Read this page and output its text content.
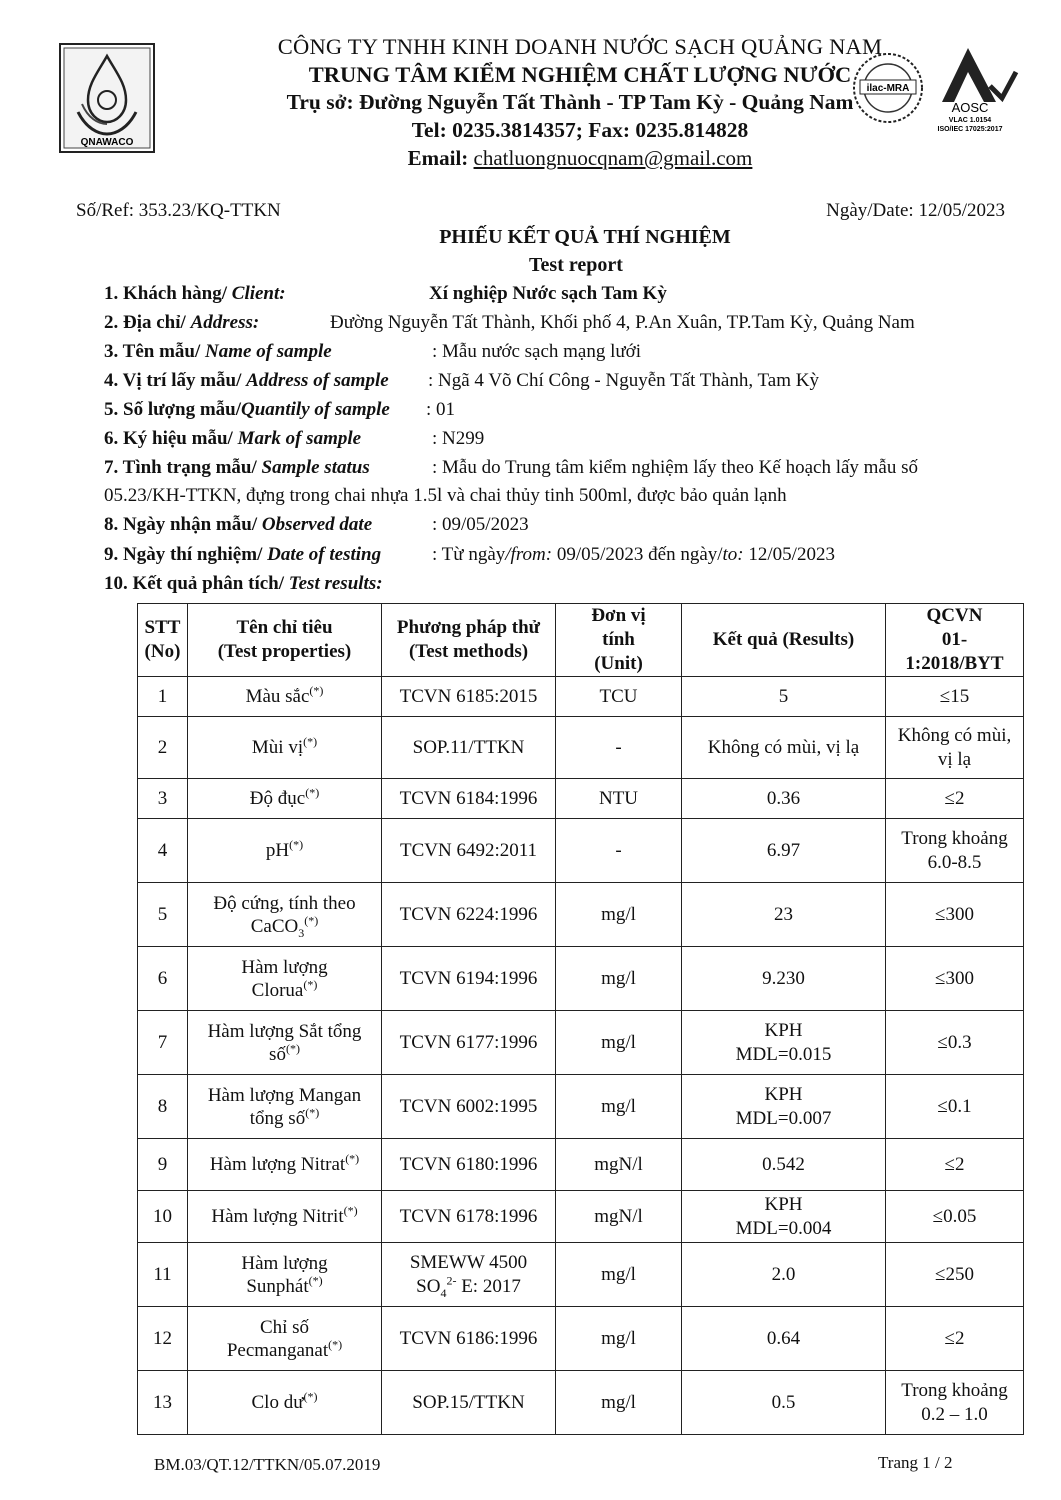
QNAWACO
ilac-MRA
AOSC
VLAC 1.0154
ISO/IEC 17025:2017
CÔNG TY TNHH KINH DOANH NƯỚC SẠCH QUẢNG NAM
TRUNG TÂM KIỂM NGHIỆM CHẤT LƯỢNG NƯỚC
Trụ sở: Đường Nguyễn Tất Thành - TP Tam Kỳ - Quảng Nam
Tel: 0235.3814357; Fax: 0235.814828
Email: chatluongnuocqnam@gmail.com
Số/Ref: 353.23/KQ-TTKN	Ngày/Date: 12/05/2023
PHIẾU KẾT QUẢ THÍ NGHIỆM
Test report
1. Khách hàng/ Client:	Xí nghiệp Nước sạch Tam Kỳ
2. Địa chỉ/ Address:	Đường Nguyễn Tất Thành, Khối phố 4, P.An Xuân, TP.Tam Kỳ, Quảng Nam
3. Tên mẫu/ Name of sample	: Mẫu nước sạch mạng lưới
4. Vị trí lấy mẫu/ Address of sample : Ngã 4 Võ Chí Công - Nguyễn Tất Thành, Tam Kỳ
5. Số lượng mẫu/Quantily of sample : 01
6. Ký hiệu mẫu/ Mark of sample	: N299
7. Tình trạng mẫu/ Sample status	: Mẫu do Trung tâm kiểm nghiệm lấy theo Kế hoạch lấy mẫu số
05.23/KH-TTKN, đựng trong chai nhựa 1.5l và chai thủy tinh 500ml, được bảo quản lạnh
8. Ngày nhận mẫu/ Observed date	: 09/05/2023
9. Ngày thí nghiệm/ Date of testing	: Từ ngày/from: 09/05/2023 đến ngày/to: 12/05/2023
10. Kết quả phân tích/ Test results:
STT
(No)	Tên chỉ tiêu
(Test properties)	Phương pháp thử
(Test methods)	Đơn vị
tính
(Unit)	Kết quả (Results)	QCVN
01-
1:2018/BYT
1	Màu sắc(*)	TCVN 6185:2015	TCU	5	≤15
2	Mùi vị(*)	SOP.11/TTKN	-	Không có mùi, vị lạ	Không có mùi,
vị lạ
3	Độ đục(*)	TCVN 6184:1996	NTU	0.36	≤2
4	pH(*)	TCVN 6492:2011	-	6.97	Trong khoảng
6.0-8.5
5	Độ cứng, tính theo
CaCO$_3$(*)	TCVN 6224:1996	mg/l	23	≤300
6	Hàm lượng
Clorua(*)	TCVN 6194:1996	mg/l	9.230	≤300
7	Hàm lượng Sắt tổng
số(*)	TCVN 6177:1996	mg/l	KPH
MDL=0.015	≤0.3
8	Hàm lượng Mangan
tổng số(*)	TCVN 6002:1995	mg/l	KPH
MDL=0.007	≤0.1
9	Hàm lượng Nitrat(*)	TCVN 6180:1996	mgN/l	0.542	≤2
10	Hàm lượng Nitrit(*)	TCVN 6178:1996	mgN/l	KPH
MDL=0.004	≤0.05
11	Hàm lượng
Sunphát(*)	SMEWW 4500
$SO_4^{2-}$ E: 2017	mg/l	2.0	≤250
12	Chỉ số
Pecmanganat(*)	TCVN 6186:1996	mg/l	0.64	≤2
13	Clo dư(*)	SOP.15/TTKN	mg/l	0.5	Trong khoảng
0.2 – 1.0
BM.03/QT.12/TTKN/05.07.2019	Trang 1 / 2
